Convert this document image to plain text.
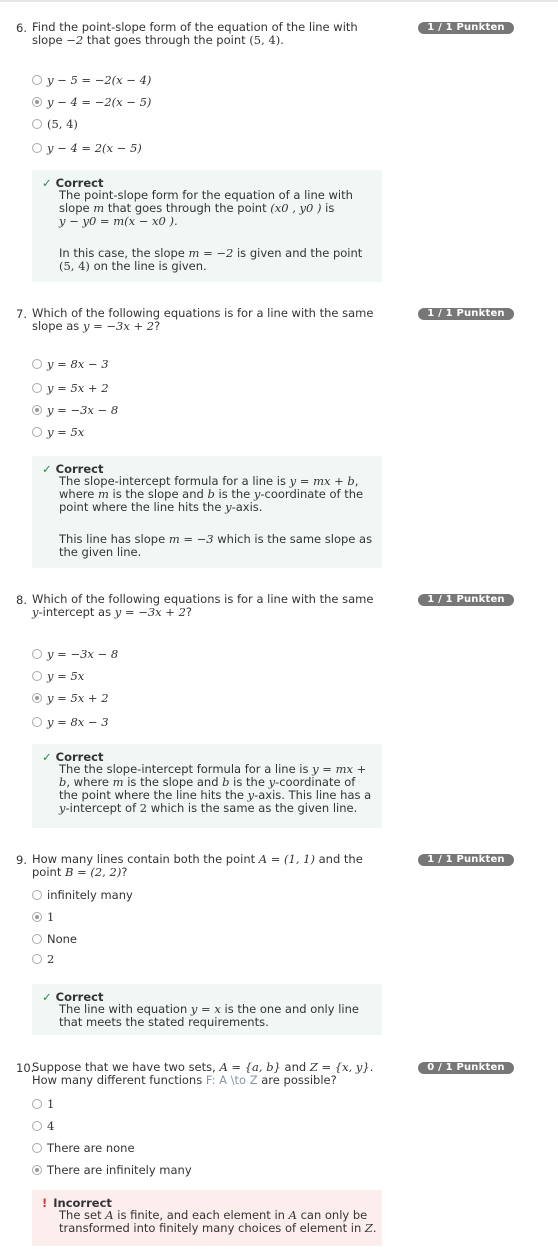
6. Find the point-slope form of the equation of the line with slope −2 that goes through the point (5, 4).
1 / 1 Punkten
y − 5 = −2(x − 4)
y − 4 = −2(x − 5)
(5, 4)
y − 4 = 2(x − 5)
✓ Correct

The point-slope form for the equation of a line with slope m that goes through the point (x0 , y0 ) is
y − y0 = m(x − x0 ).

In this case, the slope m = −2 is given and the point (5, 4) on the line is given.

7. Which of the following equations is for a line with the same slope as y = −3x + 2?
1 / 1 Punkten
y = 8x − 3
y = 5x + 2
y = −3x − 8
y = 5x
✓ Correct

The slope-intercept formula for a line is y = mx + b, where m is the slope and b is the y-coordinate of the point where the line hits the y-axis.

This line has slope m = −3 which is the same slope as the given line.

8. Which of the following equations is for a line with the same y-intercept as y = −3x + 2?
1 / 1 Punkten
y = −3x − 8
y = 5x
y = 5x + 2
y = 8x − 3
✓ Correct

The the slope-intercept formula for a line is y = mx + b, where m is the slope and b is the y-coordinate of the point where the line hits the y-axis. This line has a y-intercept of 2 which is the same as the given line.

9. How many lines contain both the point A = (1, 1) and the point B = (2, 2)?
1 / 1 Punkten
infinitely many
1
None
2
✓ Correct

The line with equation y = x is the one and only line that meets the stated requirements.

10.
Suppose that we have two sets, A = {a, b} and Z = {x, y}. How many different functions F: A \to Z are possible?
0 / 1 Punkten
1
4
There are none
There are infinitely many
! Incorrect

The set A is finite, and each element in A can only be transformed into finitely many choices of element in Z.
